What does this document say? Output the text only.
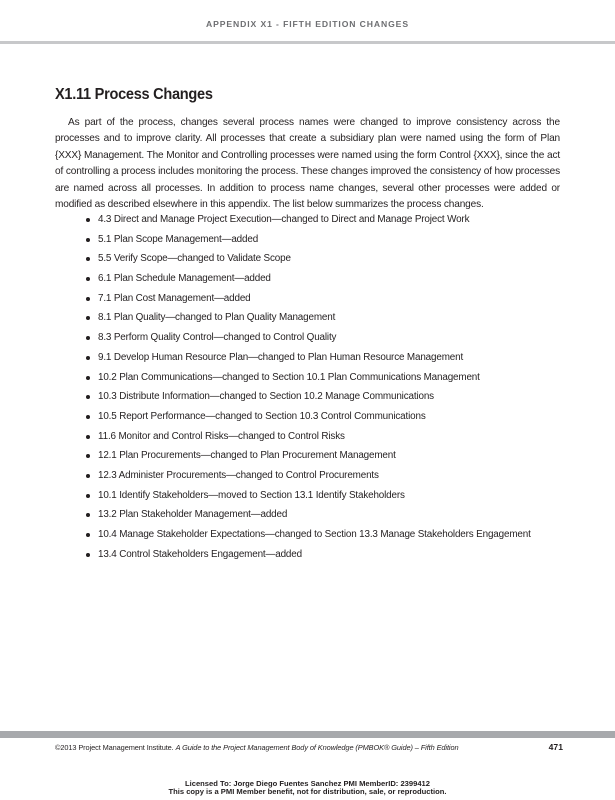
APPENDIX X1 - FIFTH EDITION CHANGES
X1.11 Process Changes

As part of the process, changes several process names were changed to improve consistency across the processes and to improve clarity. All processes that create a subsidiary plan were named using the form of Plan {XXX} Management. The Monitor and Controlling processes were named using the form Control {XXX}, since the act of controlling a process includes monitoring the process. These changes improved the consistency of how processes are named across all processes. In addition to process name changes, several other processes were added or modified as described elsewhere in this appendix. The list below summarizes the process changes.

4.3 Direct and Manage Project Execution—changed to Direct and Manage Project Work
5.1 Plan Scope Management—added
5.5 Verify Scope—changed to Validate Scope
6.1 Plan Schedule Management—added
7.1 Plan Cost Management—added
8.1 Plan Quality—changed to Plan Quality Management
8.3 Perform Quality Control—changed to Control Quality
9.1 Develop Human Resource Plan—changed to Plan Human Resource Management
10.2 Plan Communications—changed to Section 10.1 Plan Communications Management
10.3 Distribute Information—changed to Section 10.2 Manage Communications
10.5 Report Performance—changed to Section 10.3 Control Communications
11.6 Monitor and Control Risks—changed to Control Risks
12.1 Plan Procurements—changed to Plan Procurement Management
12.3 Administer Procurements—changed to Control Procurements
10.1 Identify Stakeholders—moved to Section 13.1 Identify Stakeholders
13.2 Plan Stakeholder Management—added
10.4 Manage Stakeholder Expectations—changed to Section 13.3 Manage Stakeholders Engagement
13.4 Control Stakeholders Engagement—added
©2013 Project Management Institute. A Guide to the Project Management Body of Knowledge (PMBOK® Guide) – Fifth Edition	471
Licensed To: Jorge Diego Fuentes Sanchez PMI MemberID: 2399412
This copy is a PMI Member benefit, not for distribution, sale, or reproduction.
